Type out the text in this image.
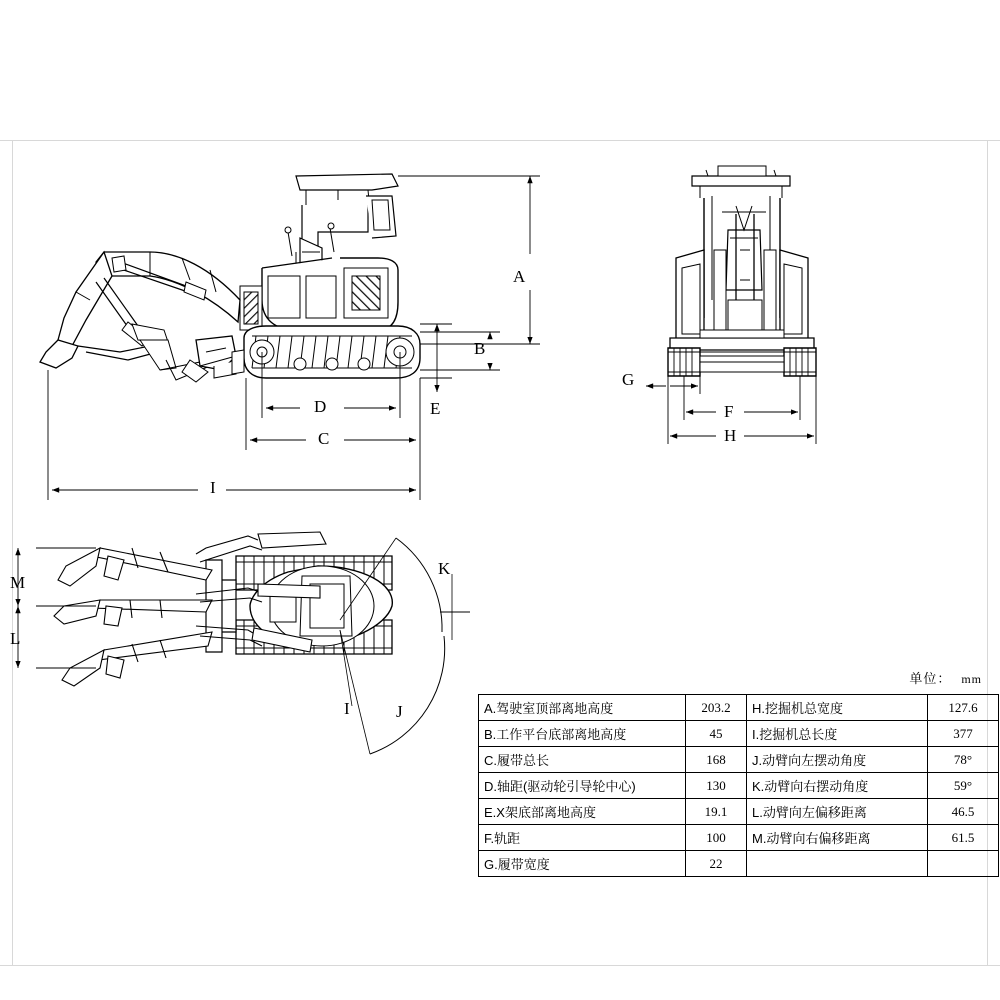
A
B
C
D	E	F
G
H
I
J
K
L
M
I
单位： mm
A.驾驶室顶部离地高度	203.2	H.挖掘机总宽度	127.6
B.工作平台底部离地高度	45	I.挖掘机总长度	377
C.履带总长	168	J.动臂向左摆动角度	78°
D.轴距(驱动轮引导轮中心)	130	K.动臂向右摆动角度	59°
E.X架底部离地高度	19.1	L.动臂向左偏移距离	46.5
F.轨距	100	M.动臂向右偏移距离	61.5
G.履带宽度	22		
